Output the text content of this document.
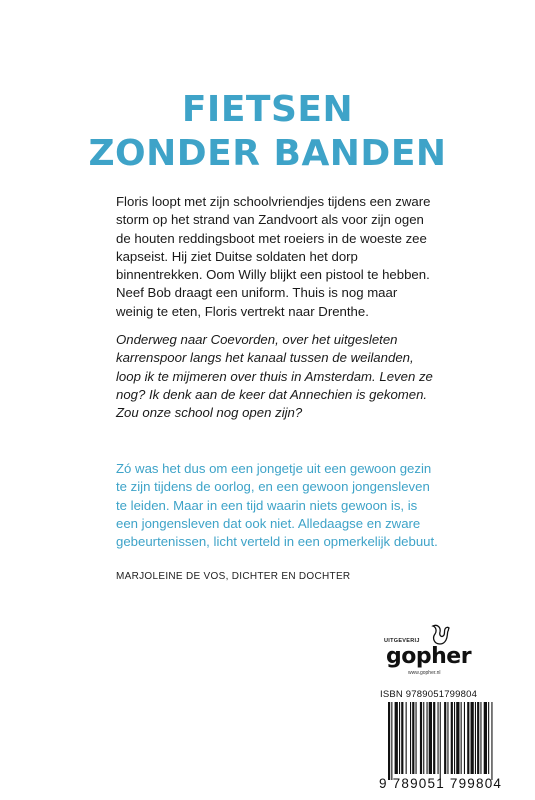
FIETSEN
ZONDER BANDEN

Floris loopt met zijn schoolvriendjes tijdens een zware storm op het strand van Zandvoort als voor zijn ogen de houten reddingsboot met roeiers in de woeste zee kapseist. Hij ziet Duitse soldaten het dorp binnentrekken. Oom Willy blijkt een pistool te hebben. Neef Bob draagt een uniform. Thuis is nog maar weinig te eten, Floris vertrekt naar Drenthe.

Onderweg naar Coevorden, over het uitgesleten karrenspoor langs het kanaal tussen de weilanden, loop ik te mijmeren over thuis in Amsterdam. Leven ze nog? Ik denk aan de keer dat Annechien is gekomen. Zou onze school nog open zijn?

Zó was het dus om een jongetje uit een gewoon gezin te zijn tijdens de oorlog, en een gewoon jongensleven te leiden. Maar in een tijd waarin niets gewoon is, is een jongensleven dat ook niet. Alledaagse en zware gebeurtenissen, licht verteld in een opmerkelijk debuut.

MARJOLEINE DE VOS, DICHTER EN DOCHTER
UITGEVERIJ
gopher
www.gopher.nl
ISBN 9789051799804
9 789051 799804
